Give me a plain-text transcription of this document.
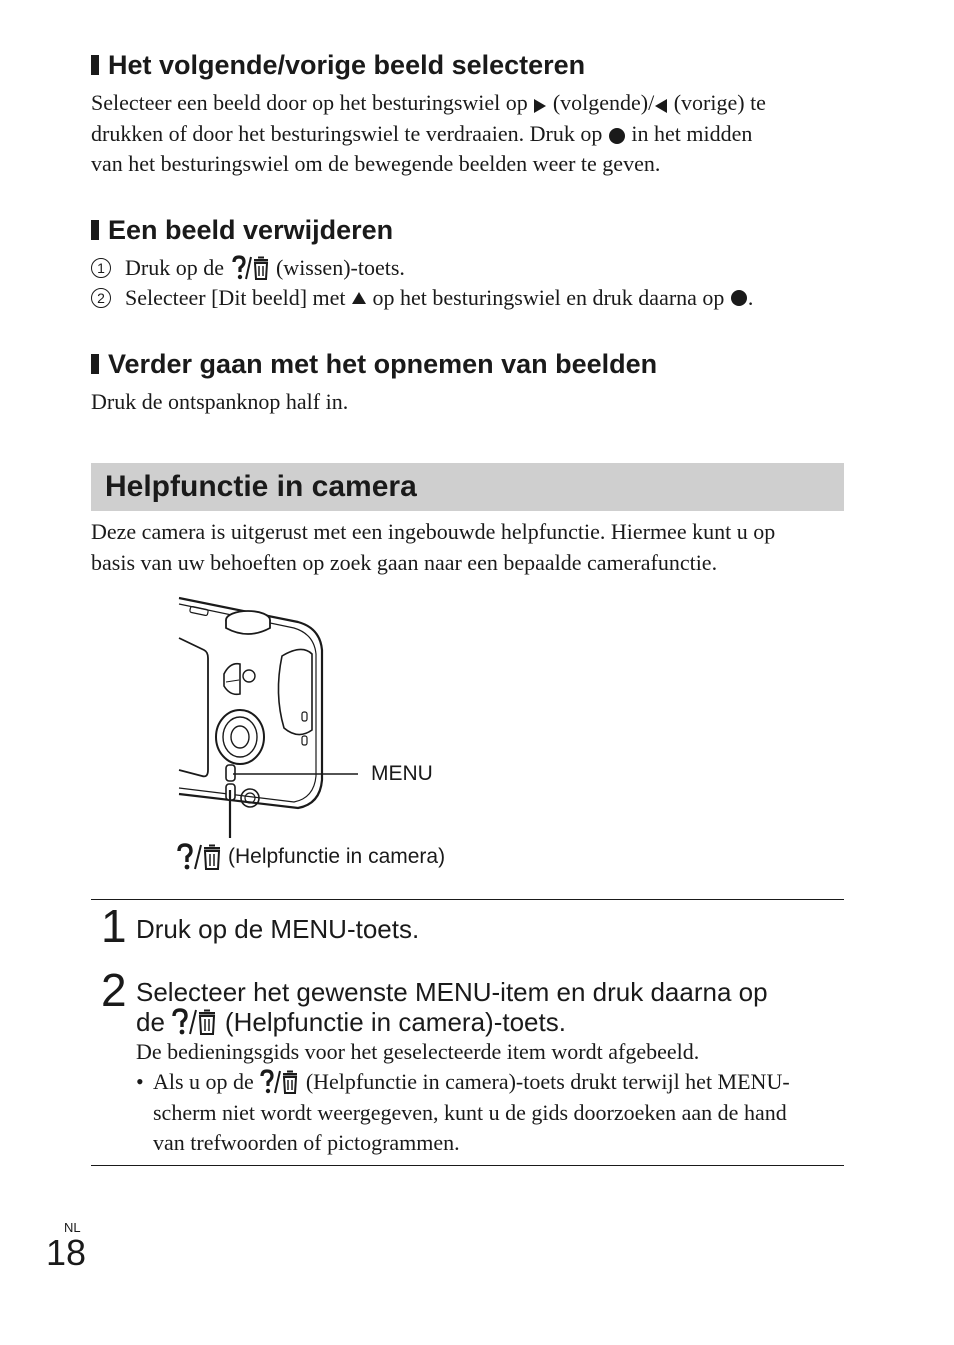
Het volgende/vorige beeld selecteren
Selecteer een beeld door op het besturingswiel op (volgende)/ (vorige) te
drukken of door het besturingswiel te verdraaien. Druk op in het midden
van het besturingswiel om de bewegende beelden weer te geven.
Een beeld verwijderen
1 Druk op de (wissen)-toets.
2 Selecteer [Dit beeld] met

op het besturingswiel en druk daarna op
.
Verder gaan met het opnemen van beelden
Druk de ontspanknop half in.
Helpfunctie in camera
Deze camera is uitgerust met een ingebouwde helpfunctie. Hiermee kunt u op
basis van uw behoeften op zoek gaan naar een bepaalde camerafunctie.
MENU
(Helpfunctie in camera)
1 Druk op de MENU-toets.
2 Selecteer het gewenste MENU-item en druk daarna op
de (Helpfunctie in camera)-toets.
De bedieningsgids voor het geselecteerde item wordt afgebeeld.
• Als u op de (Helpfunctie in camera)-toets drukt terwijl het MENU-
scherm niet wordt weergegeven, kunt u de gids doorzoeken aan de hand
van trefwoorden of pictogrammen.
NL
18
